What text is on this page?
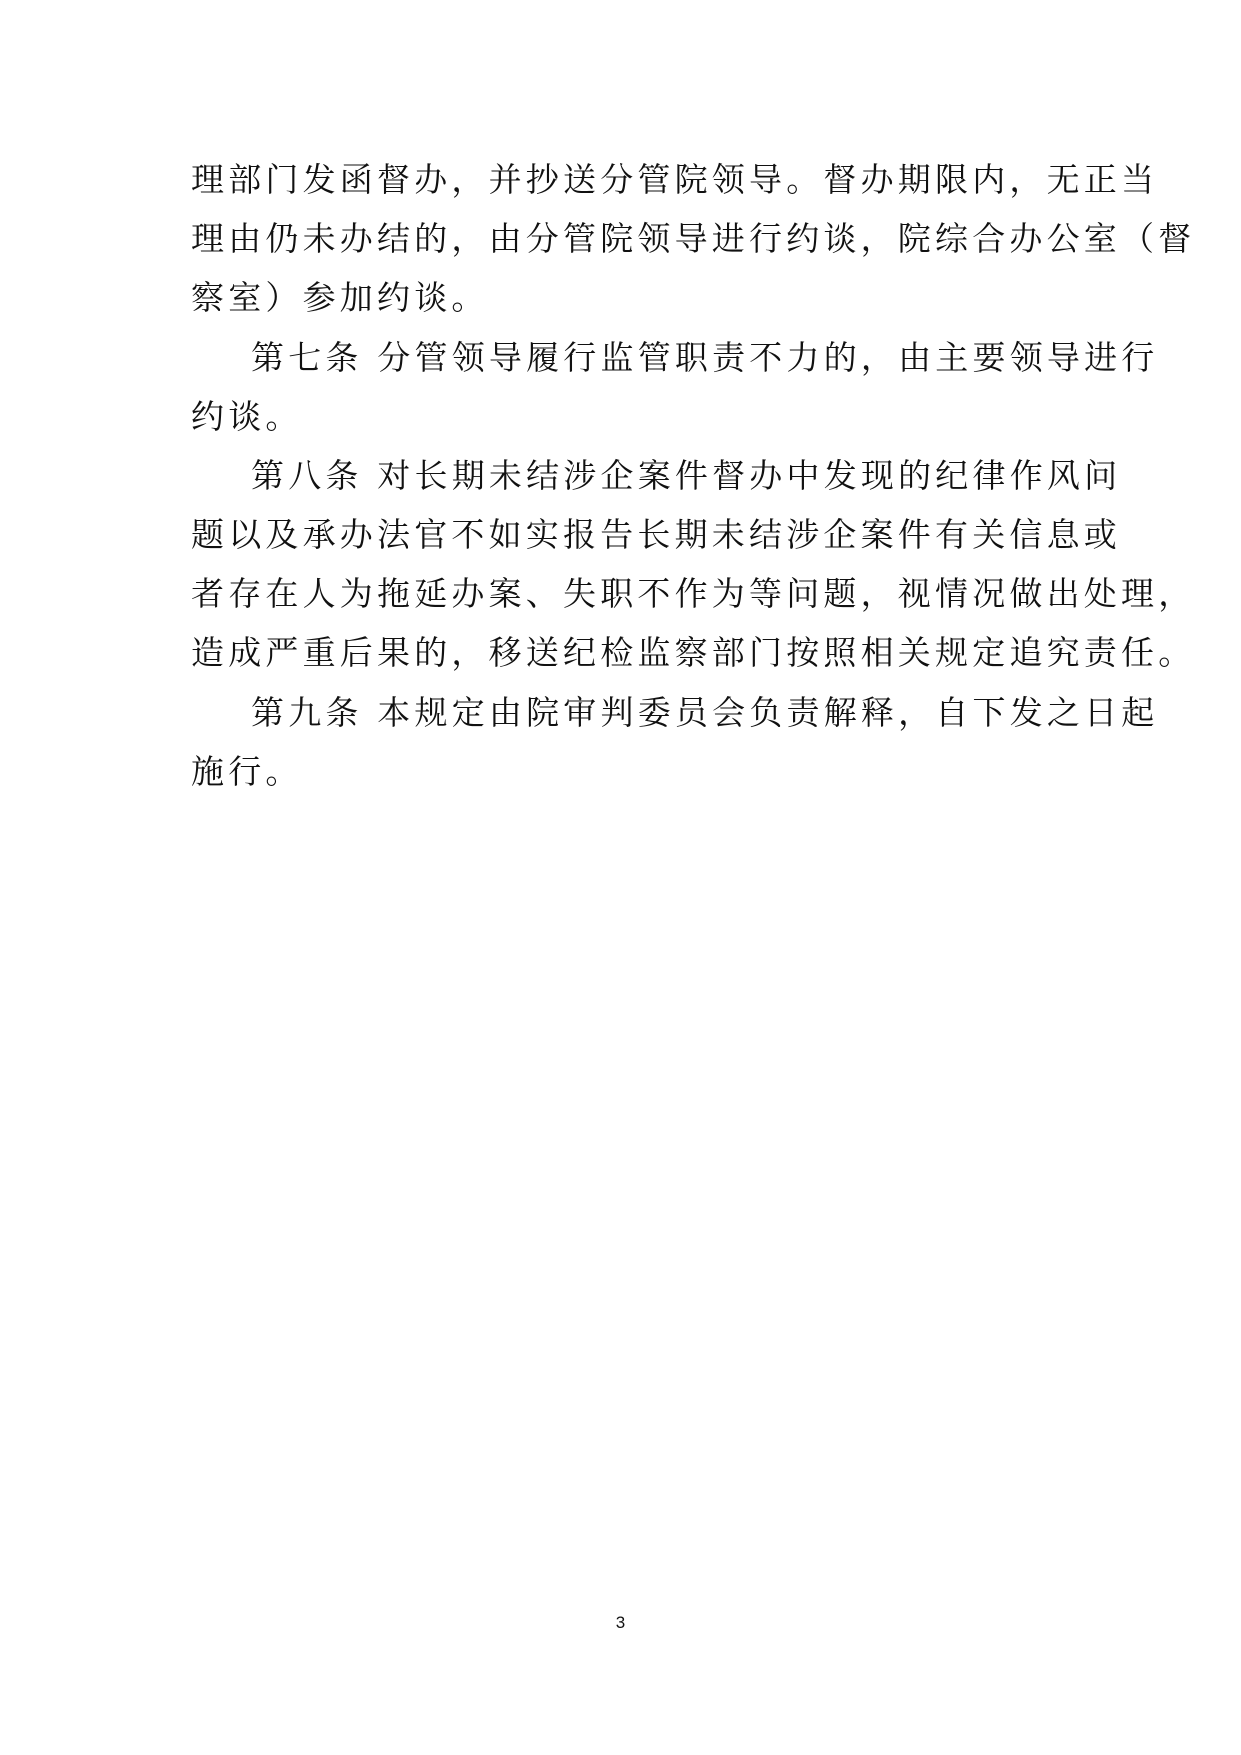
理部门发函督办，并抄送分管院领导。督办期限内，无正当
理由仍未办结的，由分管院领导进行约谈，院综合办公室（督
察室）参加约谈。
第七条 分管领导履行监管职责不力的，由主要领导进行
约谈。
第八条 对长期未结涉企案件督办中发现的纪律作风问
题以及承办法官不如实报告长期未结涉企案件有关信息或
者存在人为拖延办案、失职不作为等问题，视情况做出处理，
造成严重后果的，移送纪检监察部门按照相关规定追究责任。
第九条 本规定由院审判委员会负责解释，自下发之日起
施行。
3
